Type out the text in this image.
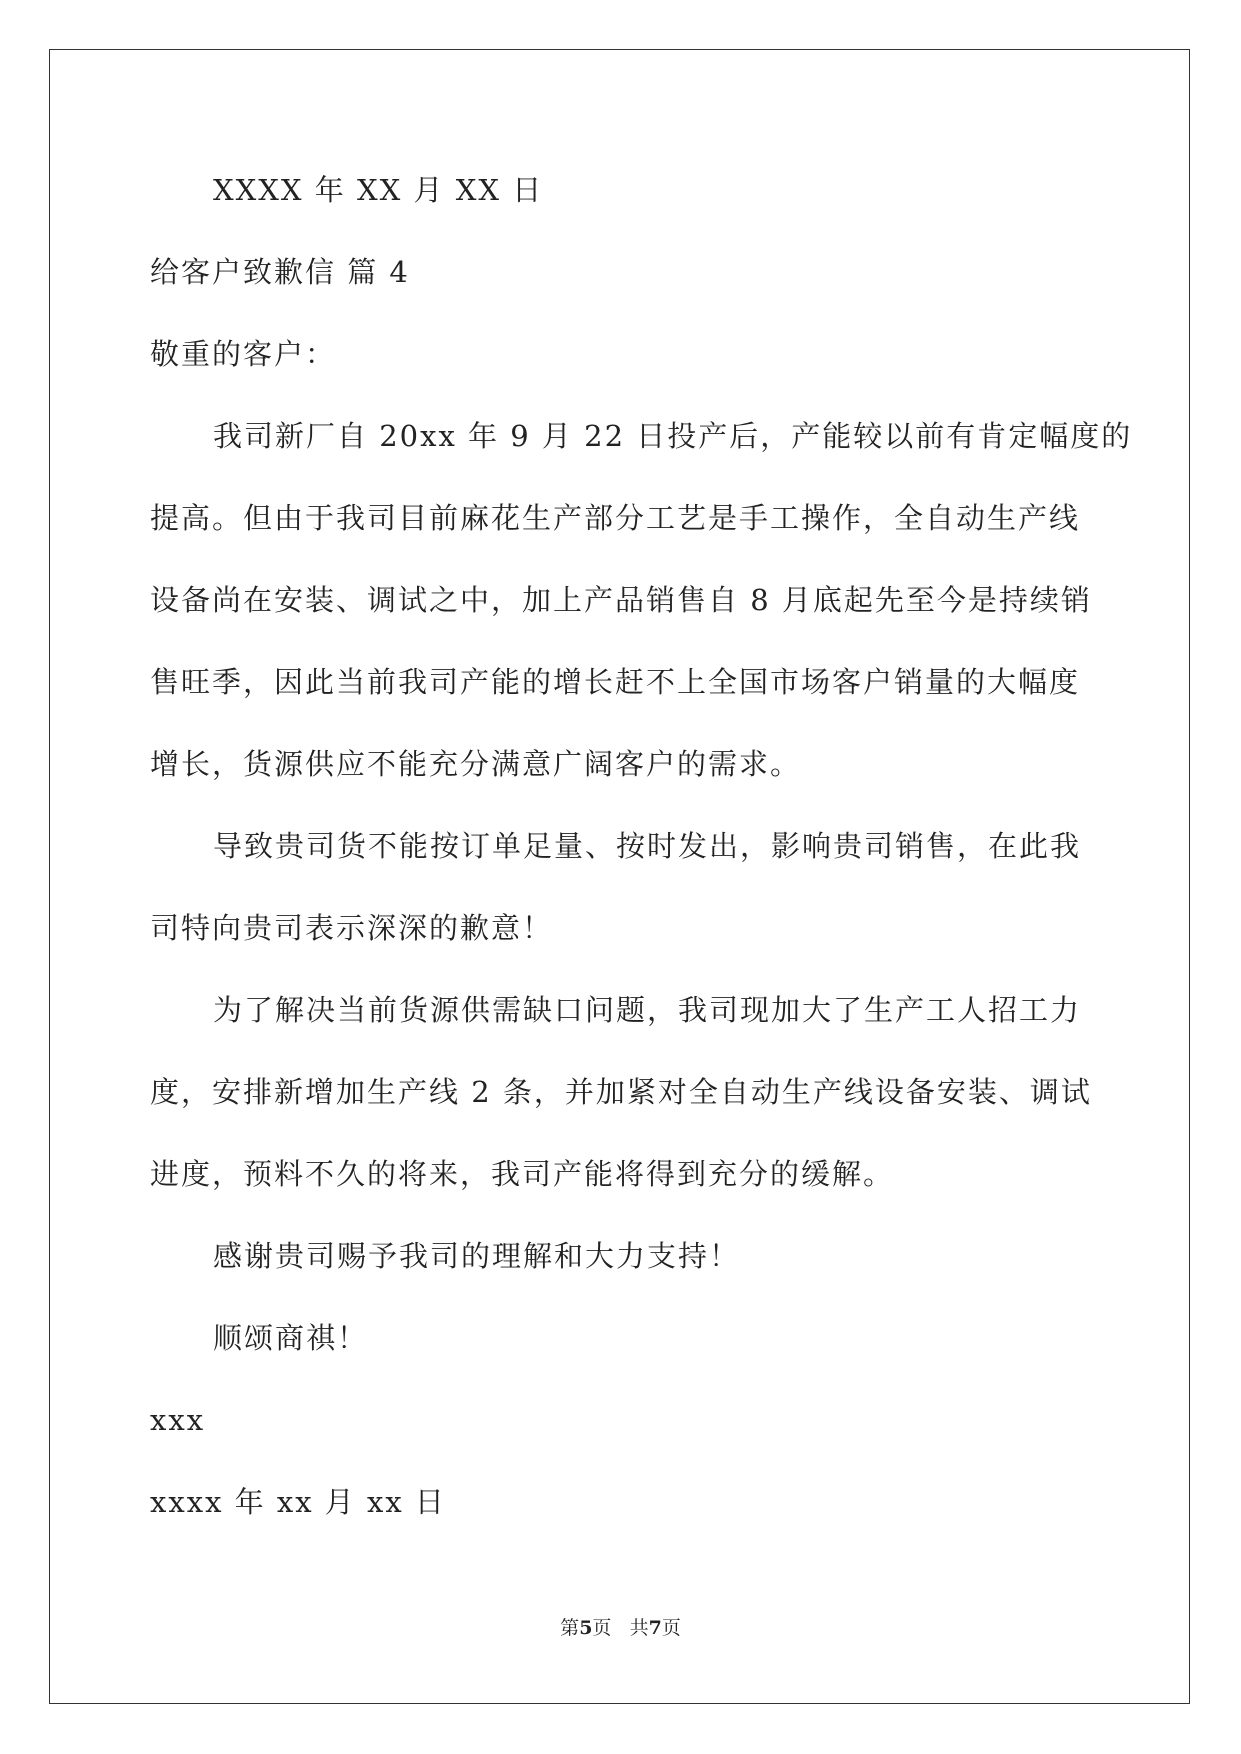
XXXX 年 XX 月 XX 日
给客户致歉信 篇 4
敬重的客户：
我司新厂自 20xx 年 9 月 22 日投产后，产能较以前有肯定幅度的
提高。但由于我司目前麻花生产部分工艺是手工操作，全自动生产线
设备尚在安装、调试之中，加上产品销售自 8 月底起先至今是持续销
售旺季，因此当前我司产能的增长赶不上全国市场客户销量的大幅度
增长，货源供应不能充分满意广阔客户的需求。
导致贵司货不能按订单足量、按时发出，影响贵司销售，在此我
司特向贵司表示深深的歉意！
为了解决当前货源供需缺口问题，我司现加大了生产工人招工力
度，安排新增加生产线 2 条，并加紧对全自动生产线设备安装、调试
进度，预料不久的将来，我司产能将得到充分的缓解。
感谢贵司赐予我司的理解和大力支持！
顺颂商祺！
xxx
xxxx 年 xx 月 xx 日
第5页 共7页
